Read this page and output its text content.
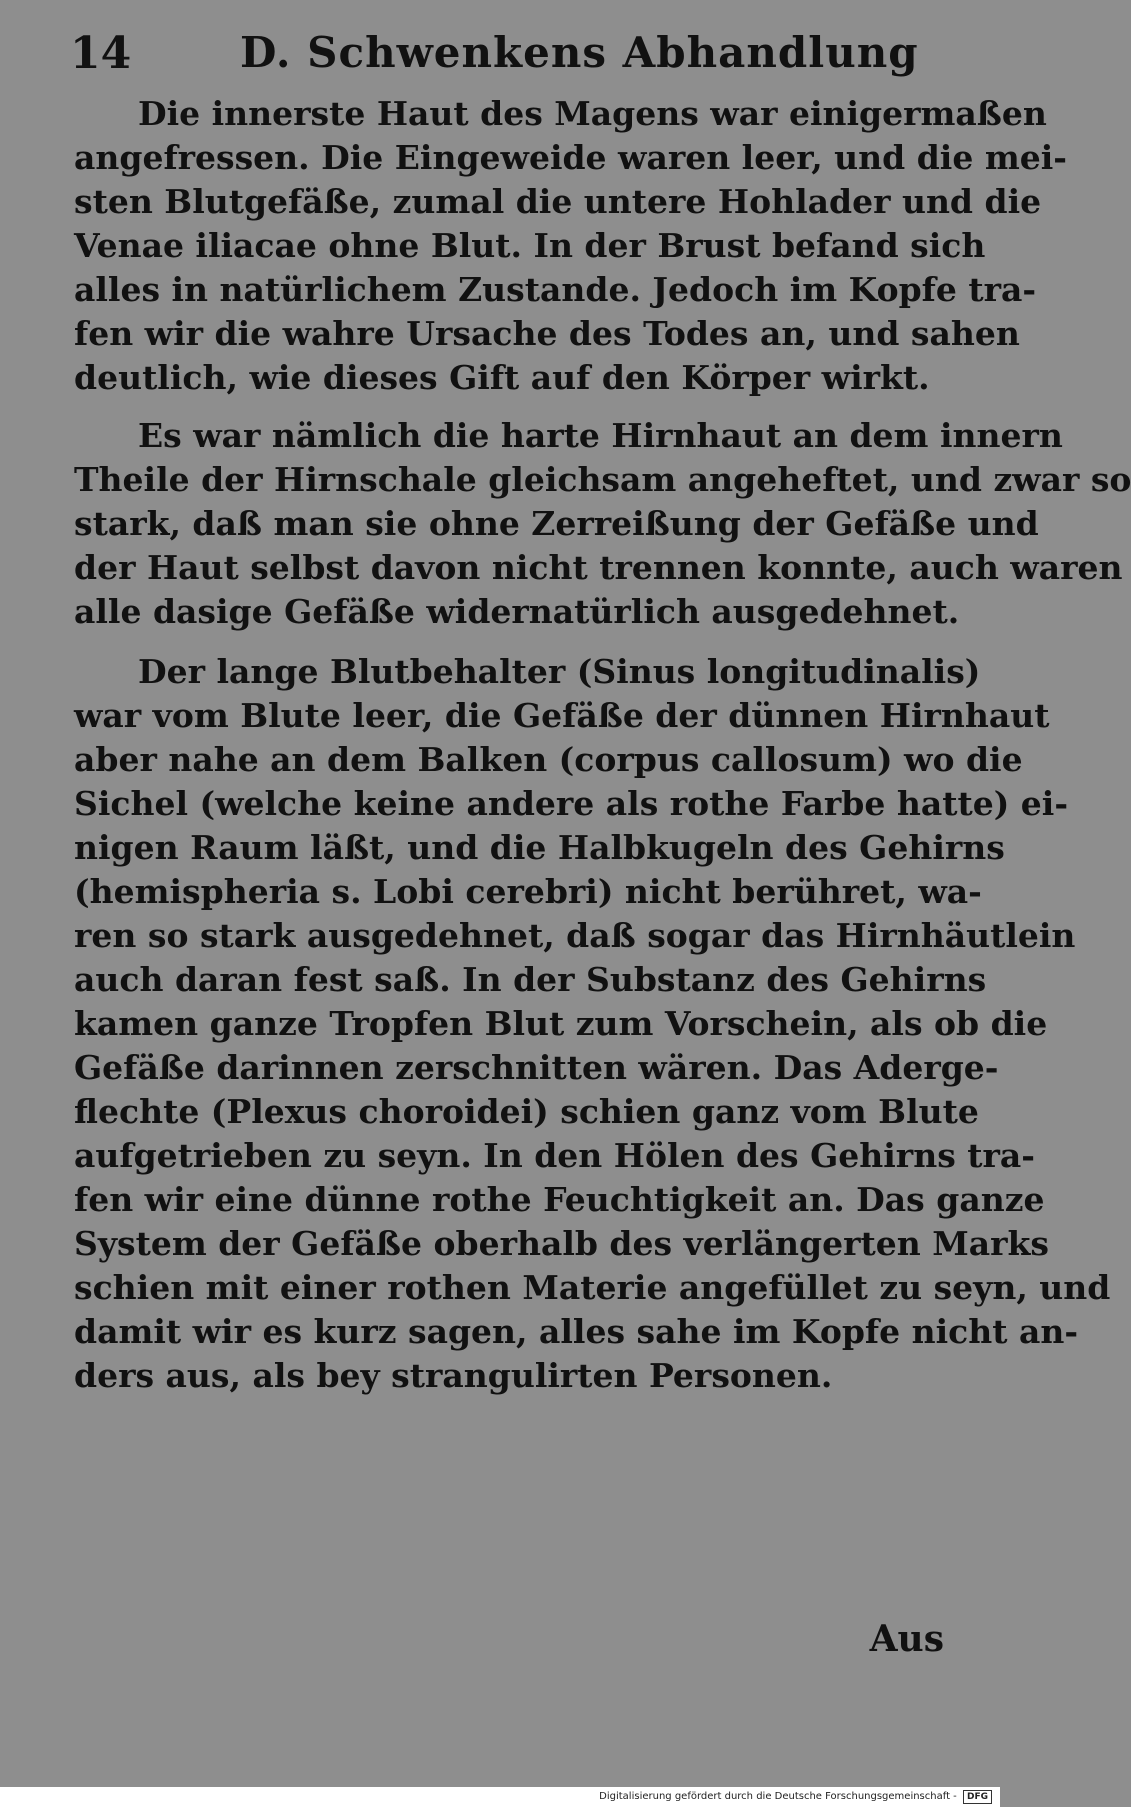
14	D. Schwenkens Abhandlung
Die innerste Haut des Magens war einigermaßen
angefressen. Die Eingeweide waren leer, und die mei-
sten Blutgefäße, zumal die untere Hohlader und die
Venae iliacae ohne Blut. In der Brust befand sich
alles in natürlichem Zustande. Jedoch im Kopfe tra-
fen wir die wahre Ursache des Todes an, und sahen
deutlich, wie dieses Gift auf den Körper wirkt.
Es war nämlich die harte Hirnhaut an dem innern
Theile der Hirnschale gleichsam angeheftet, und zwar so
stark, daß man sie ohne Zerreißung der Gefäße und
der Haut selbst davon nicht trennen konnte, auch waren
alle dasige Gefäße widernatürlich ausgedehnet.
Der lange Blutbehalter (Sinus longitudinalis)
war vom Blute leer, die Gefäße der dünnen Hirnhaut
aber nahe an dem Balken (corpus callosum) wo die
Sichel (welche keine andere als rothe Farbe hatte) ei-
nigen Raum läßt, und die Halbkugeln des Gehirns
(hemispheria s. Lobi cerebri) nicht berühret, wa-
ren so stark ausgedehnet, daß sogar das Hirnhäutlein
auch daran fest saß. In der Substanz des Gehirns
kamen ganze Tropfen Blut zum Vorschein, als ob die
Gefäße darinnen zerschnitten wären. Das Aderge-
flechte (Plexus choroidei) schien ganz vom Blute
aufgetrieben zu seyn. In den Hölen des Gehirns tra-
fen wir eine dünne rothe Feuchtigkeit an. Das ganze
System der Gefäße oberhalb des verlängerten Marks
schien mit einer rothen Materie angefüllet zu seyn, und
damit wir es kurz sagen, alles sahe im Kopfe nicht an-
ders aus, als bey strangulirten Personen.
Aus
Digitalisierung gefördert durch die Deutsche Forschungsgemeinschaft - DFG
